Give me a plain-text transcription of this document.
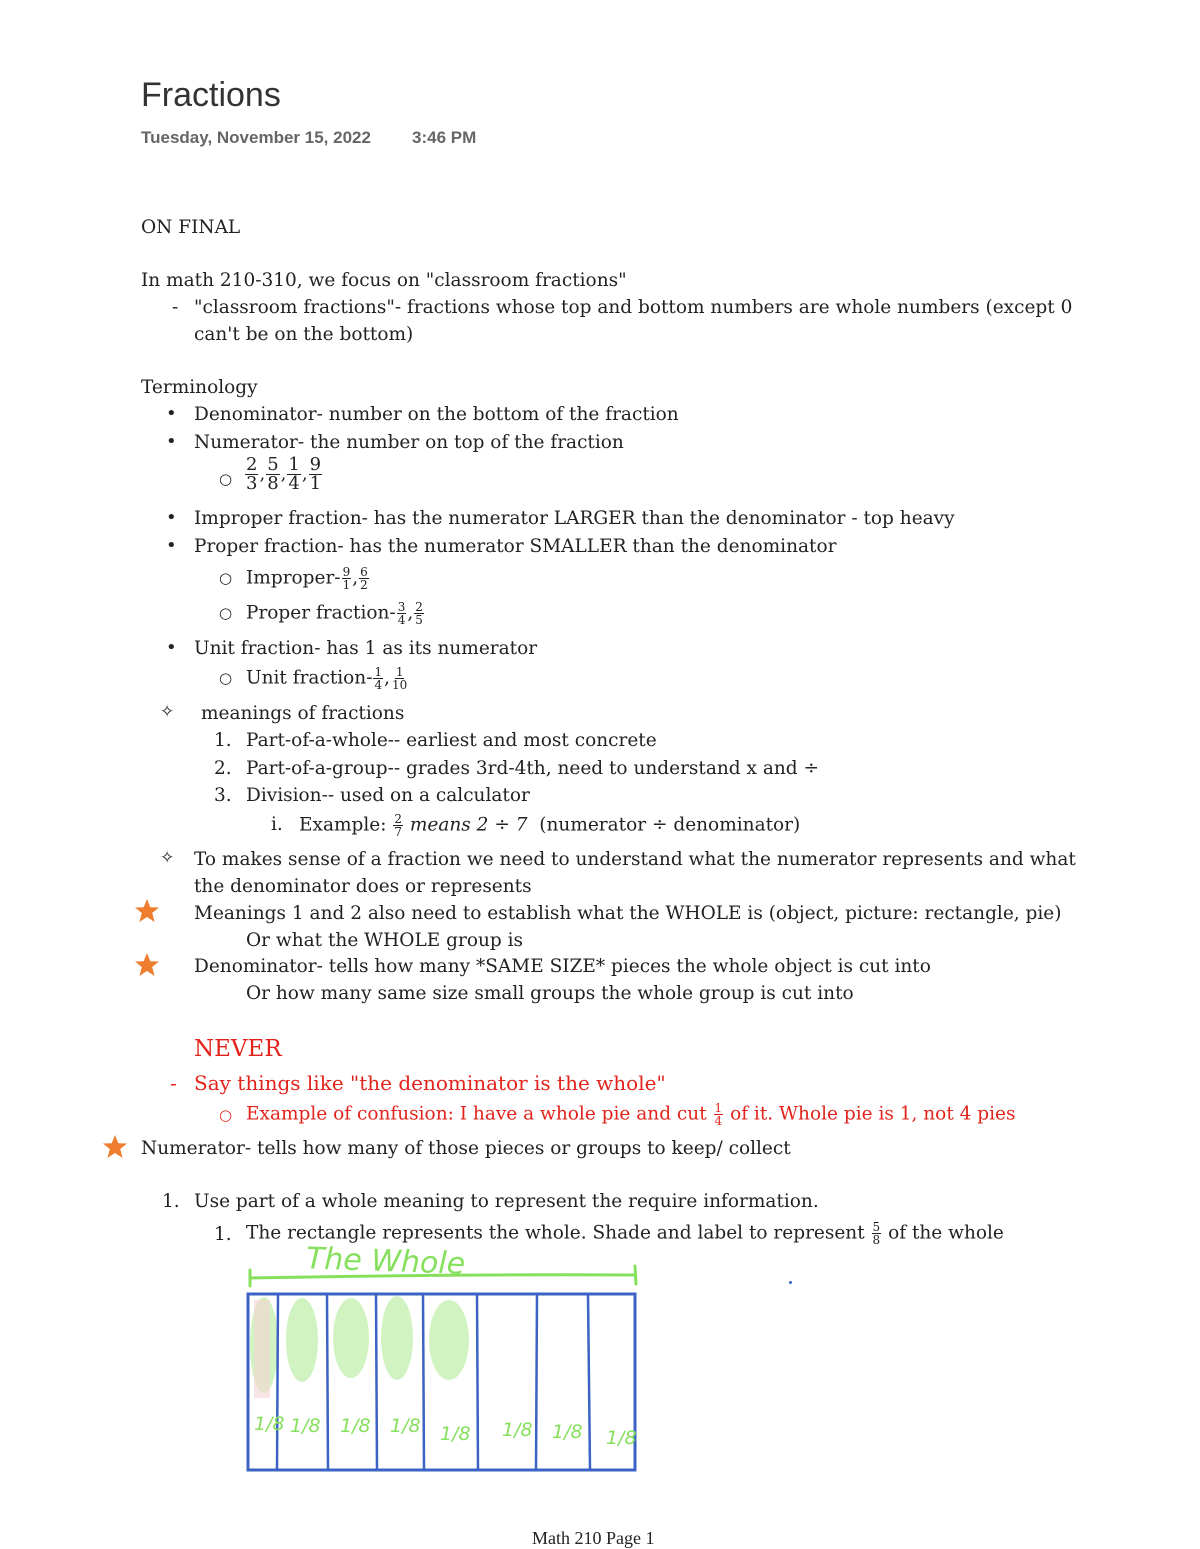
Fractions
Tuesday, November 15, 2022 3:46 PM
ON FINAL
In math 210-310, we focus on "classroom fractions"
- "classroom fractions"- fractions whose top and bottom numbers are whole numbers (except 0
can't be on the bottom)
Terminology
• Denominator- number on the bottom of the fraction
• Numerator- the number on top of the fraction
○ $\frac{2}{3}$ , $\frac{5}{8}$ , $\frac{1}{4}$ , $\frac{9}{1}$
• Improper fraction- has the numerator LARGER than the denominator - top heavy
• Proper fraction- has the numerator SMALLER than the denominator
○ Improper- $\frac{9}{1}$ , $\frac{6}{2}$
○ Proper fraction- $\frac{3}{4}$ , $\frac{2}{5}$
• Unit fraction- has 1 as its numerator
○ Unit fraction- $\frac{1}{4}$ , $\frac{1}{10}$
✧ meanings of fractions
1. Part-of-a-whole-- earliest and most concrete
2. Part-of-a-group-- grades 3rd-4th, need to understand x and ÷
3. Division-- used on a calculator
i. Example: $\frac{2}{7}$ means 2 ÷ 7 (numerator ÷ denominator)
✧ To makes sense of a fraction we need to understand what the numerator represents and what
the denominator does or represents
Meanings 1 and 2 also need to establish what the WHOLE is (object, picture: rectangle, pie)
Or what the WHOLE group is
Denominator- tells how many *SAME SIZE* pieces the whole object is cut into
Or how many same size small groups the whole group is cut into
NEVER
- Say things like "the denominator is the whole"
○ Example of confusion: I have a whole pie and cut $\frac{1}{4}$ of it. Whole pie is 1, not 4 pies
Numerator- tells how many of those pieces or groups to keep/ collect
1. Use part of a whole meaning to represent the require information.
1. The rectangle represents the whole. Shade and label to represent $\frac{5}{8}$ of the whole
The Whole
1/8 1/8 1/8 1/8 1/8 1/8 1/8 1/8
Math 210 Page 1
